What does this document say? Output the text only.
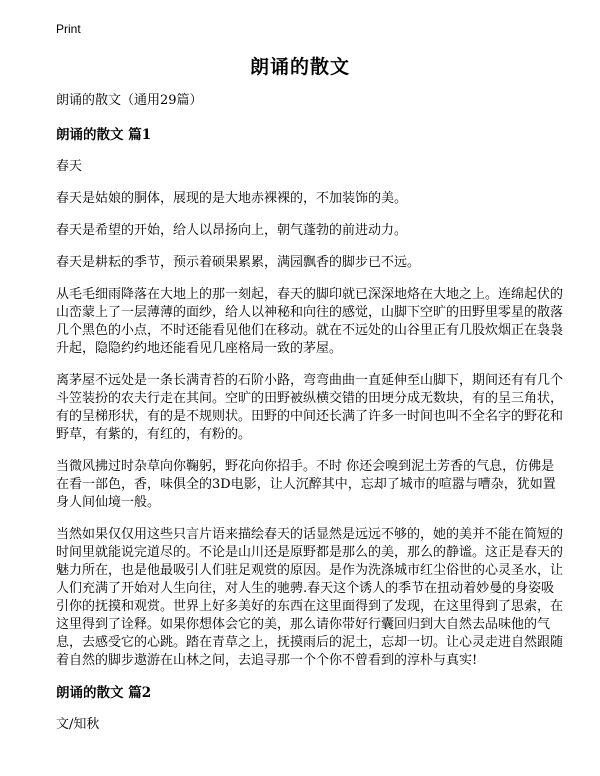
Print
朗诵的散文

朗诵的散文（通用29篇）

朗诵的散文 篇1

春天

春天是姑娘的胴体，展现的是大地赤裸裸的，不加装饰的美。

春天是希望的开始，给人以昂扬向上，朝气蓬勃的前进动力。

春天是耕耘的季节，预示着硕果累累，满园飘香的脚步已不远。

从毛毛细雨降落在大地上的那一刻起，春天的脚印就已深深地烙在大地之上。连绵起伏的山峦蒙上了一层薄薄的面纱，给人以神秘和向往的感觉，山脚下空旷的田野里零星的散落几个黑色的小点，不时还能看见他们在移动。就在不远处的山谷里正有几股炊烟正在袅袅升起，隐隐约约地还能看见几座格局一致的茅屋。

离茅屋不远处是一条长满青苔的石阶小路，弯弯曲曲一直延伸至山脚下，期间还有有几个斗笠装扮的农夫行走在其间。空旷的田野被纵横交错的田埂分成无数块，有的呈三角状，有的呈梯形状，有的是不规则状。田野的中间还长满了许多一时间也叫不全名字的野花和野草，有紫的，有红的，有粉的。

当微风拂过时杂草向你鞠躬，野花向你招手。不时 你还会嗅到泥土芳香的气息，仿佛是在看一部色，香，味俱全的3D电影，让人沉醉其中，忘却了城市的喧嚣与嘈杂，犹如置身人间仙境一般。

当然如果仅仅用这些只言片语来描绘春天的话显然是远远不够的，她的美并不能在简短的时间里就能说完道尽的。不论是山川还是原野都是那么的美，那么的静谧。这正是春天的魅力所在，也是他最吸引人们驻足观赏的原因。是作为洗涤城市红尘俗世的心灵圣水，让人们充满了开始对人生向往，对人生的驰骋.春天这个诱人的季节在扭动着妙曼的身姿吸引你的抚摸和观赏。世界上好多美好的东西在这里面得到了发现，在这里得到了思索，在这里得到了诠释。如果你想体会它的美，那么请你带好行囊回归到大自然去品味他的气息，去感受它的心跳。踏在青草之上，抚摸雨后的泥土，忘却一切。让心灵走进自然跟随着自然的脚步遨游在山林之间，去追寻那一个个你不曾看到的淳朴与真实!

朗诵的散文 篇2

文/知秋
